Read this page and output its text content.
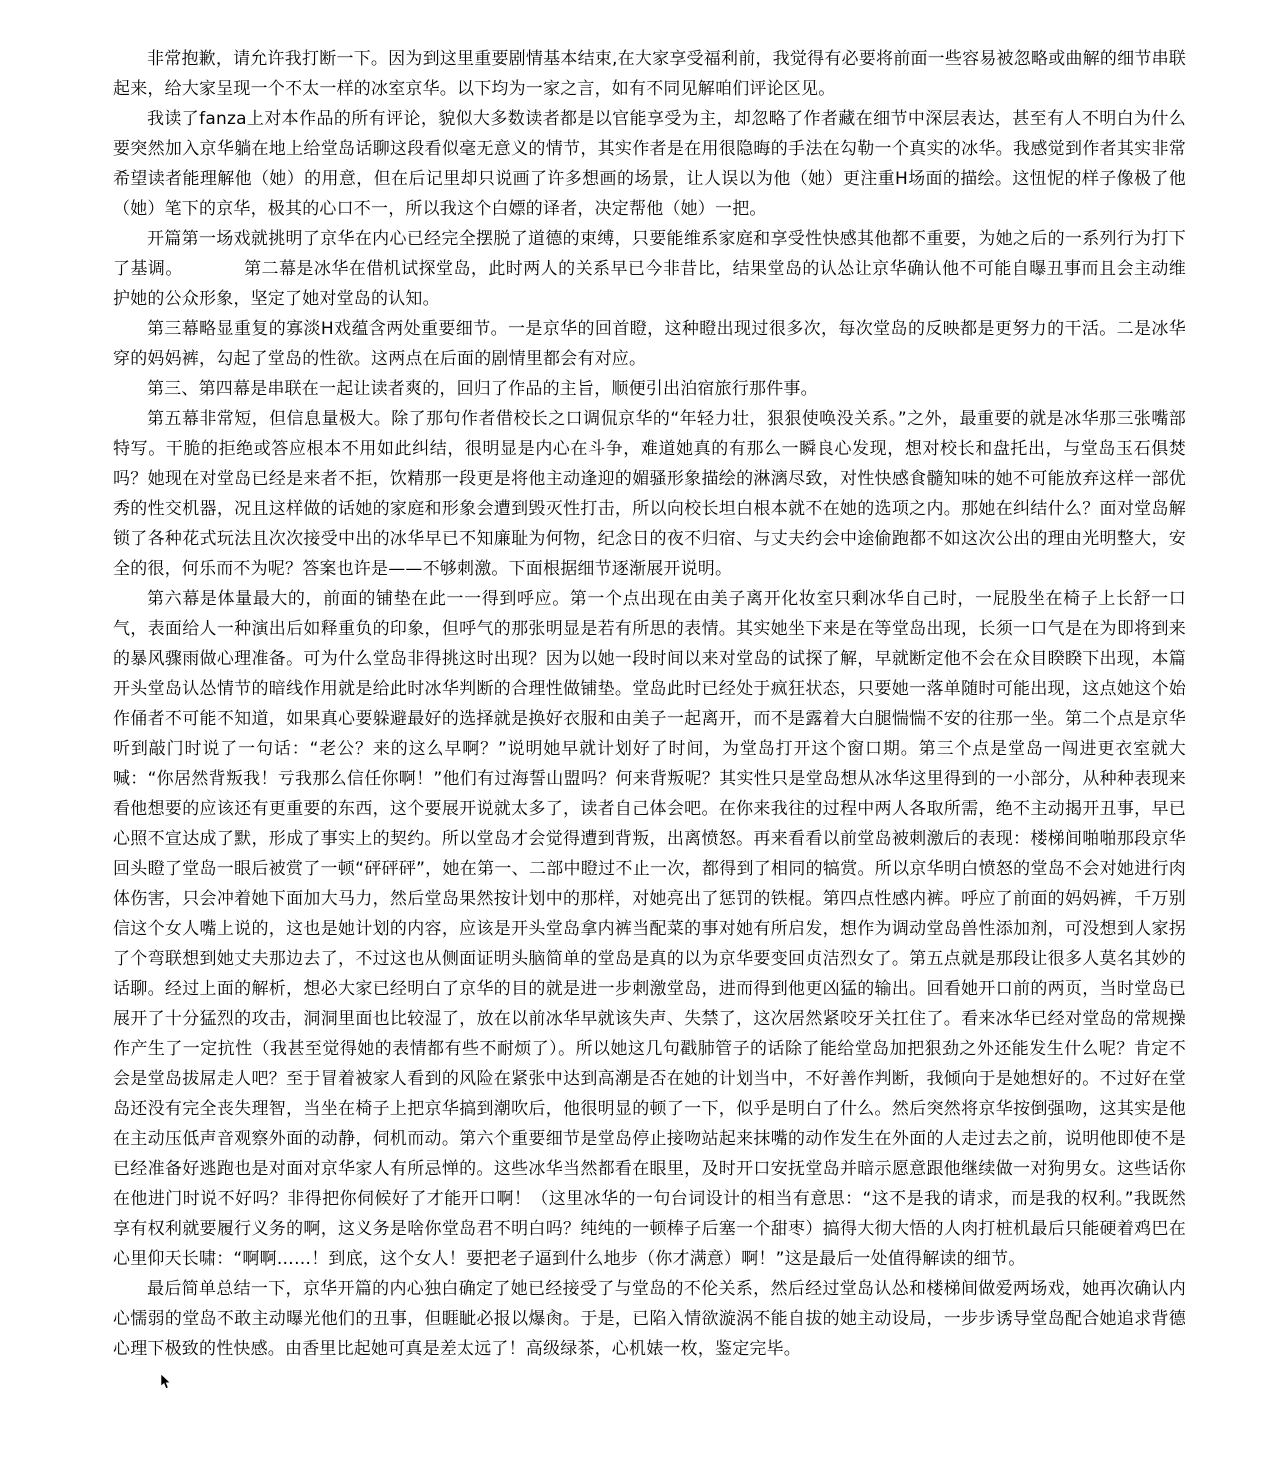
非常抱歉，请允许我打断一下。因为到这里重要剧情基本结束,在大家享受福利前，我觉得有必要将前面一些容易被忽略或曲解的细节串联起来，给大家呈现一个不太一样的冰室京华。以下均为一家之言，如有不同见解咱们评论区见。

我读了fanza上对本作品的所有评论，貌似大多数读者都是以官能享受为主，却忽略了作者藏在细节中深层表达，甚至有人不明白为什么要突然加入京华躺在地上给堂岛话聊这段看似毫无意义的情节，其实作者是在用很隐晦的手法在勾勒一个真实的冰华。我感觉到作者其实非常希望读者能理解他（她）的用意，但在后记里却只说画了许多想画的场景，让人误以为他（她）更注重H场面的描绘。这忸怩的样子像极了他（她）笔下的京华，极其的心口不一，所以我这个白嫖的译者，决定帮他（她）一把。

开篇第一场戏就挑明了京华在内心已经完全摆脱了道德的束缚，只要能维系家庭和享受性快感其他都不重要，为她之后的一系列行为打下了基调。　　　　第二幕是冰华在借机试探堂岛，此时两人的关系早已今非昔比，结果堂岛的认怂让京华确认他不可能自曝丑事而且会主动维护她的公众形象，坚定了她对堂岛的认知。

第三幕略显重复的寡淡H戏蕴含两处重要细节。一是京华的回首瞪，这种瞪出现过很多次，每次堂岛的反映都是更努力的干活。二是冰华穿的妈妈裤，勾起了堂岛的性欲。这两点在后面的剧情里都会有对应。

第三、第四幕是串联在一起让读者爽的，回归了作品的主旨，顺便引出泊宿旅行那件事。

第五幕非常短，但信息量极大。除了那句作者借校长之口调侃京华的“年轻力壮，狠狠使唤没关系。”之外，最重要的就是冰华那三张嘴部特写。干脆的拒绝或答应根本不用如此纠结，很明显是内心在斗争，难道她真的有那么一瞬良心发现，想对校长和盘托出，与堂岛玉石俱焚吗？她现在对堂岛已经是来者不拒，饮精那一段更是将他主动逢迎的媚骚形象描绘的淋漓尽致，对性快感食髓知味的她不可能放弃这样一部优秀的性交机器，况且这样做的话她的家庭和形象会遭到毁灭性打击，所以向校长坦白根本就不在她的选项之内。那她在纠结什么？面对堂岛解锁了各种花式玩法且次次接受中出的冰华早已不知廉耻为何物，纪念日的夜不归宿、与丈夫约会中途偷跑都不如这次公出的理由光明整大，安全的很，何乐而不为呢？答案也许是——不够刺激。下面根据细节逐渐展开说明。

第六幕是体量最大的，前面的铺垫在此一一得到呼应。第一个点出现在由美子离开化妆室只剩冰华自己时，一屁股坐在椅子上长舒一口气，表面给人一种演出后如释重负的印象，但呼气的那张明显是若有所思的表情。其实她坐下来是在等堂岛出现，长须一口气是在为即将到来的暴风骤雨做心理准备。可为什么堂岛非得挑这时出现？因为以她一段时间以来对堂岛的试探了解，早就断定他不会在众目睽睽下出现，本篇开头堂岛认怂情节的暗线作用就是给此时冰华判断的合理性做铺垫。堂岛此时已经处于疯狂状态，只要她一落单随时可能出现，这点她这个始作俑者不可能不知道，如果真心要躲避最好的选择就是换好衣服和由美子一起离开，而不是露着大白腿惴惴不安的往那一坐。第二个点是京华听到敲门时说了一句话：“老公？来的这么早啊？”说明她早就计划好了时间，为堂岛打开这个窗口期。第三个点是堂岛一闯进更衣室就大喊：“你居然背叛我！亏我那么信任你啊！”他们有过海誓山盟吗？何来背叛呢？其实性只是堂岛想从冰华这里得到的一小部分，从种种表现来看他想要的应该还有更重要的东西，这个要展开说就太多了，读者自己体会吧。在你来我往的过程中两人各取所需，绝不主动揭开丑事，早已心照不宣达成了默，形成了事实上的契约。所以堂岛才会觉得遭到背叛，出离愤怒。再来看看以前堂岛被刺激后的表现：楼梯间啪啪那段京华回头瞪了堂岛一眼后被赏了一顿“砰砰砰”，她在第一、二部中瞪过不止一次，都得到了相同的犒赏。所以京华明白愤怒的堂岛不会对她进行肉体伤害，只会冲着她下面加大马力，然后堂岛果然按计划中的那样，对她亮出了惩罚的铁棍。第四点性感内裤。呼应了前面的妈妈裤，千万别信这个女人嘴上说的，这也是她计划的内容，应该是开头堂岛拿内裤当配菜的事对她有所启发，想作为调动堂岛兽性添加剂，可没想到人家拐了个弯联想到她丈夫那边去了，不过这也从侧面证明头脑简单的堂岛是真的以为京华要变回贞洁烈女了。第五点就是那段让很多人莫名其妙的话聊。经过上面的解析，想必大家已经明白了京华的目的就是进一步刺激堂岛，进而得到他更凶猛的输出。回看她开口前的两页，当时堂岛已展开了十分猛烈的攻击，洞洞里面也比较湿了，放在以前冰华早就该失声、失禁了，这次居然紧咬牙关扛住了。看来冰华已经对堂岛的常规操作产生了一定抗性（我甚至觉得她的表情都有些不耐烦了）。所以她这几句戳肺管子的话除了能给堂岛加把狠劲之外还能发生什么呢？肯定不会是堂岛拔屌走人吧？至于冒着被家人看到的风险在紧张中达到高潮是否在她的计划当中，不好善作判断，我倾向于是她想好的。不过好在堂岛还没有完全丧失理智，当坐在椅子上把京华搞到潮吹后，他很明显的顿了一下，似乎是明白了什么。然后突然将京华按倒强吻，这其实是他在主动压低声音观察外面的动静，伺机而动。第六个重要细节是堂岛停止接吻站起来抹嘴的动作发生在外面的人走过去之前，说明他即使不是已经准备好逃跑也是对面对京华家人有所忌惮的。这些冰华当然都看在眼里，及时开口安抚堂岛并暗示愿意跟他继续做一对狗男女。这些话你在他进门时说不好吗？非得把你伺候好了才能开口啊！（这里冰华的一句台词设计的相当有意思：“这不是我的请求，而是我的权利。”我既然享有权利就要履行义务的啊，这义务是啥你堂岛君不明白吗？纯纯的一顿棒子后塞一个甜枣）搞得大彻大悟的人肉打桩机最后只能硬着鸡巴在心里仰天长啸：“啊啊……！到底，这个女人！要把老子逼到什么地步（你才满意）啊！”这是最后一处值得解读的细节。

最后简单总结一下，京华开篇的内心独白确定了她已经接受了与堂岛的不伦关系，然后经过堂岛认怂和楼梯间做爱两场戏，她再次确认内心懦弱的堂岛不敢主动曝光他们的丑事，但睚眦必报以爆肏。于是，已陷入情欲漩涡不能自拔的她主动设局，一步步诱导堂岛配合她追求背德心理下极致的性快感。由香里比起她可真是差太远了！高级绿茶，心机婊一枚，鉴定完毕。
